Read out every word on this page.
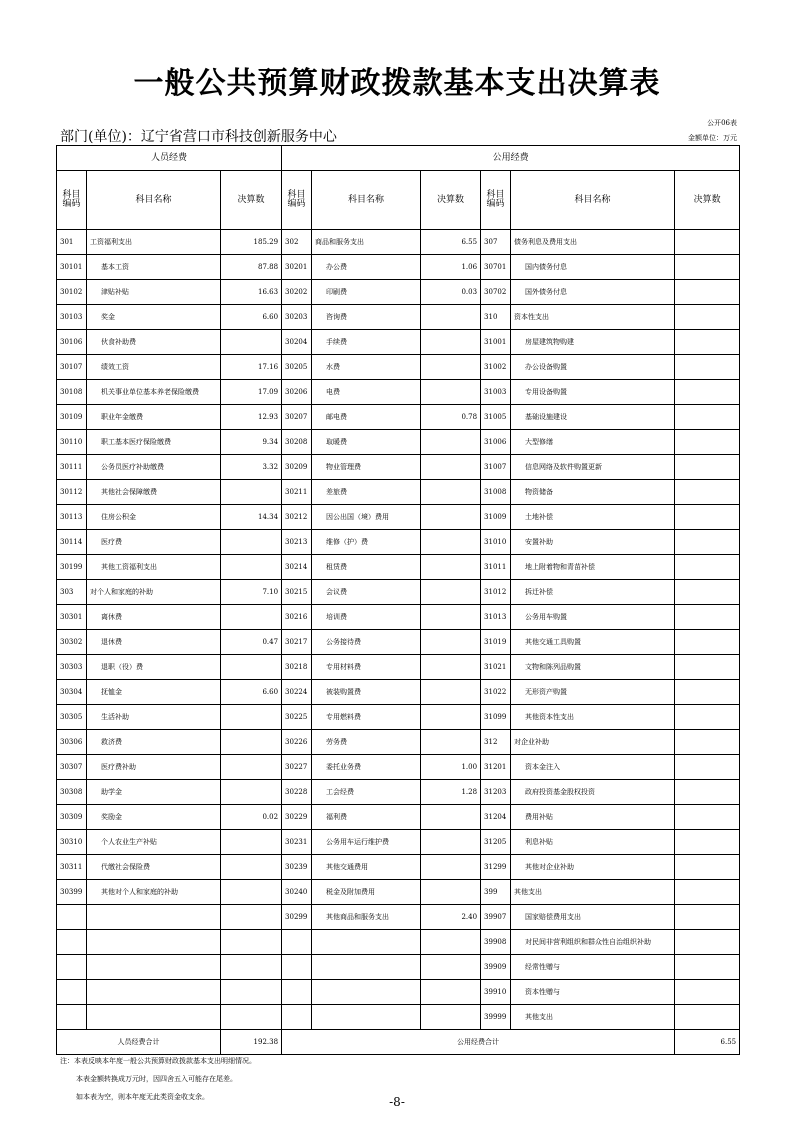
一般公共预算财政拨款基本支出决算表
公开06表
部门(单位)：辽宁省营口市科技创新服务中心	金额单位：万元
人员经费			公用经费					
科目编码	科目名称	决算数	科目编码	科目名称	决算数	科目编码	科目名称	决算数
301	工资福利支出	185.29	302	商品和服务支出	6.55	307	债务利息及费用支出	
30101	基本工资	87.88	30201	办公费	1.06	30701	国内债务付息	
30102	津贴补贴	16.63	30202	印刷费	0.03	30702	国外债务付息	
30103	奖金	6.60	30203	咨询费		310	资本性支出	
30106	伙食补助费		30204	手续费		31001	房屋建筑物购建	
30107	绩效工资	17.16	30205	水费		31002	办公设备购置	
30108	机关事业单位基本养老保险缴费	17.09	30206	电费		31003	专用设备购置	
30109	职业年金缴费	12.93	30207	邮电费	0.78	31005	基础设施建设	
30110	职工基本医疗保险缴费	9.34	30208	取暖费		31006	大型修缮	
30111	公务员医疗补助缴费	3.32	30209	物业管理费		31007	信息网络及软件购置更新	
30112	其他社会保障缴费		30211	差旅费		31008	物资储备	
30113	住房公积金	14.34	30212	因公出国（境）费用		31009	土地补偿	
30114	医疗费		30213	维修（护）费		31010	安置补助	
30199	其他工资福利支出		30214	租赁费		31011	地上附着物和青苗补偿	
303	对个人和家庭的补助	7.10	30215	会议费		31012	拆迁补偿	
30301	离休费		30216	培训费		31013	公务用车购置	
30302	退休费	0.47	30217	公务接待费		31019	其他交通工具购置	
30303	退职（役）费		30218	专用材料费		31021	文物和陈列品购置	
30304	抚恤金	6.60	30224	被装购置费		31022	无形资产购置	
30305	生活补助		30225	专用燃料费		31099	其他资本性支出	
30306	救济费		30226	劳务费		312	对企业补助	
30307	医疗费补助		30227	委托业务费	1.00	31201	资本金注入	
30308	助学金		30228	工会经费	1.28	31203	政府投资基金股权投资	
30309	奖励金	0.02	30229	福利费		31204	费用补贴	
30310	个人农业生产补贴		30231	公务用车运行维护费		31205	利息补贴	
30311	代缴社会保险费		30239	其他交通费用		31299	其他对企业补助	
30399	其他对个人和家庭的补助		30240	税金及附加费用		399	其他支出	
			30299	其他商品和服务支出	2.40	39907	国家赔偿费用支出	
						39908	对民间非营利组织和群众性自治组织补助	
						39909	经常性赠与	
						39910	资本性赠与	
						39999	其他支出	
人员经费合计		192.38	公用经费合计					6.55
注：本表反映本年度一般公共预算财政拨款基本支出明细情况。
本表金额转换成万元时，因四舍五入可能存在尾差。
如本表为空，则本年度无此类资金收支余。	-8-
